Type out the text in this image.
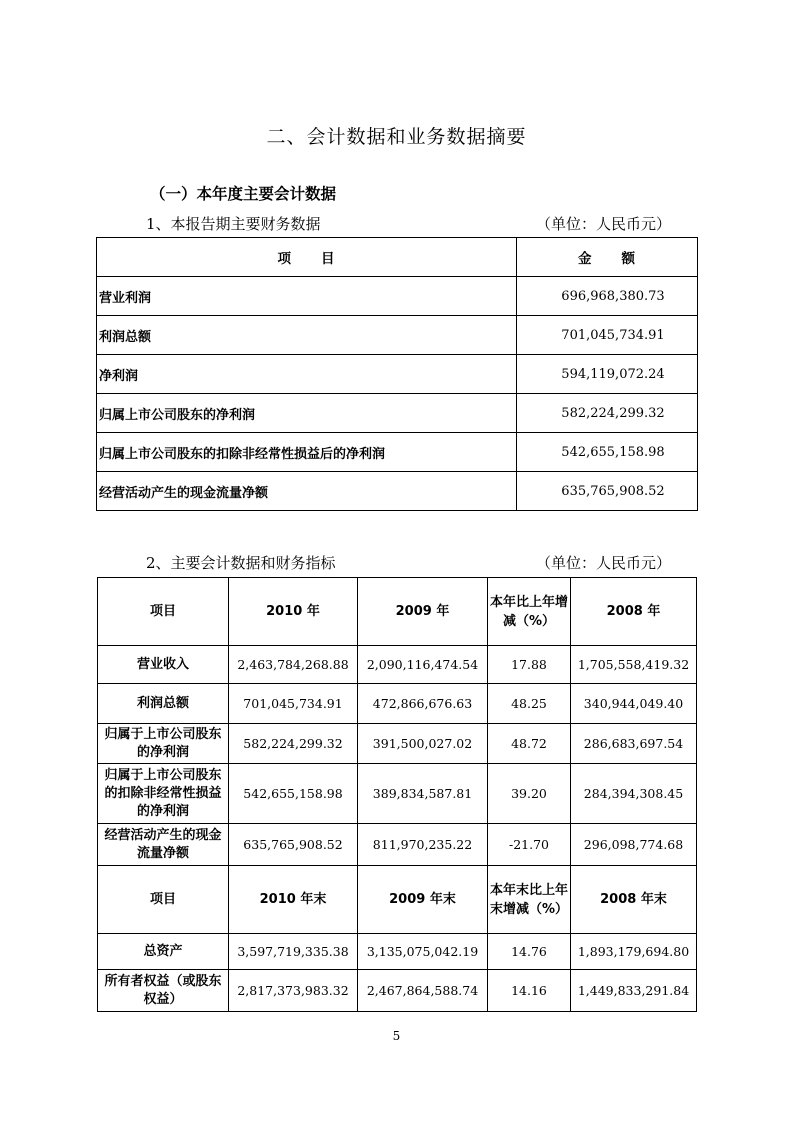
二、会计数据和业务数据摘要
（一）本年度主要会计数据
1、本报告期主要财务数据	（单位：人民币元）
项　　目	金　　额
营业利润	696,968,380.73
利润总额	701,045,734.91
净利润	594,119,072.24
归属上市公司股东的净利润	582,224,299.32
归属上市公司股东的扣除非经常性损益后的净利润	542,655,158.98
经营活动产生的现金流量净额	635,765,908.52
2、主要会计数据和财务指标	（单位：人民币元）
项目	2010 年	2009 年	本年比上年增减（%）	2008 年
营业收入	2,463,784,268.88	2,090,116,474.54	17.88	1,705,558,419.32
利润总额	701,045,734.91	472,866,676.63	48.25	340,944,049.40
归属于上市公司股东的净利润	582,224,299.32	391,500,027.02	48.72	286,683,697.54
归属于上市公司股东的扣除非经常性损益的净利润	542,655,158.98	389,834,587.81	39.20	284,394,308.45
经营活动产生的现金流量净额	635,765,908.52	811,970,235.22	-21.70	296,098,774.68
项目	2010 年末	2009 年末	本年末比上年末增减（%）	2008 年末
总资产	3,597,719,335.38	3,135,075,042.19	14.76	1,893,179,694.80
所有者权益（或股东权益）	2,817,373,983.32	2,467,864,588.74	14.16	1,449,833,291.84
5
